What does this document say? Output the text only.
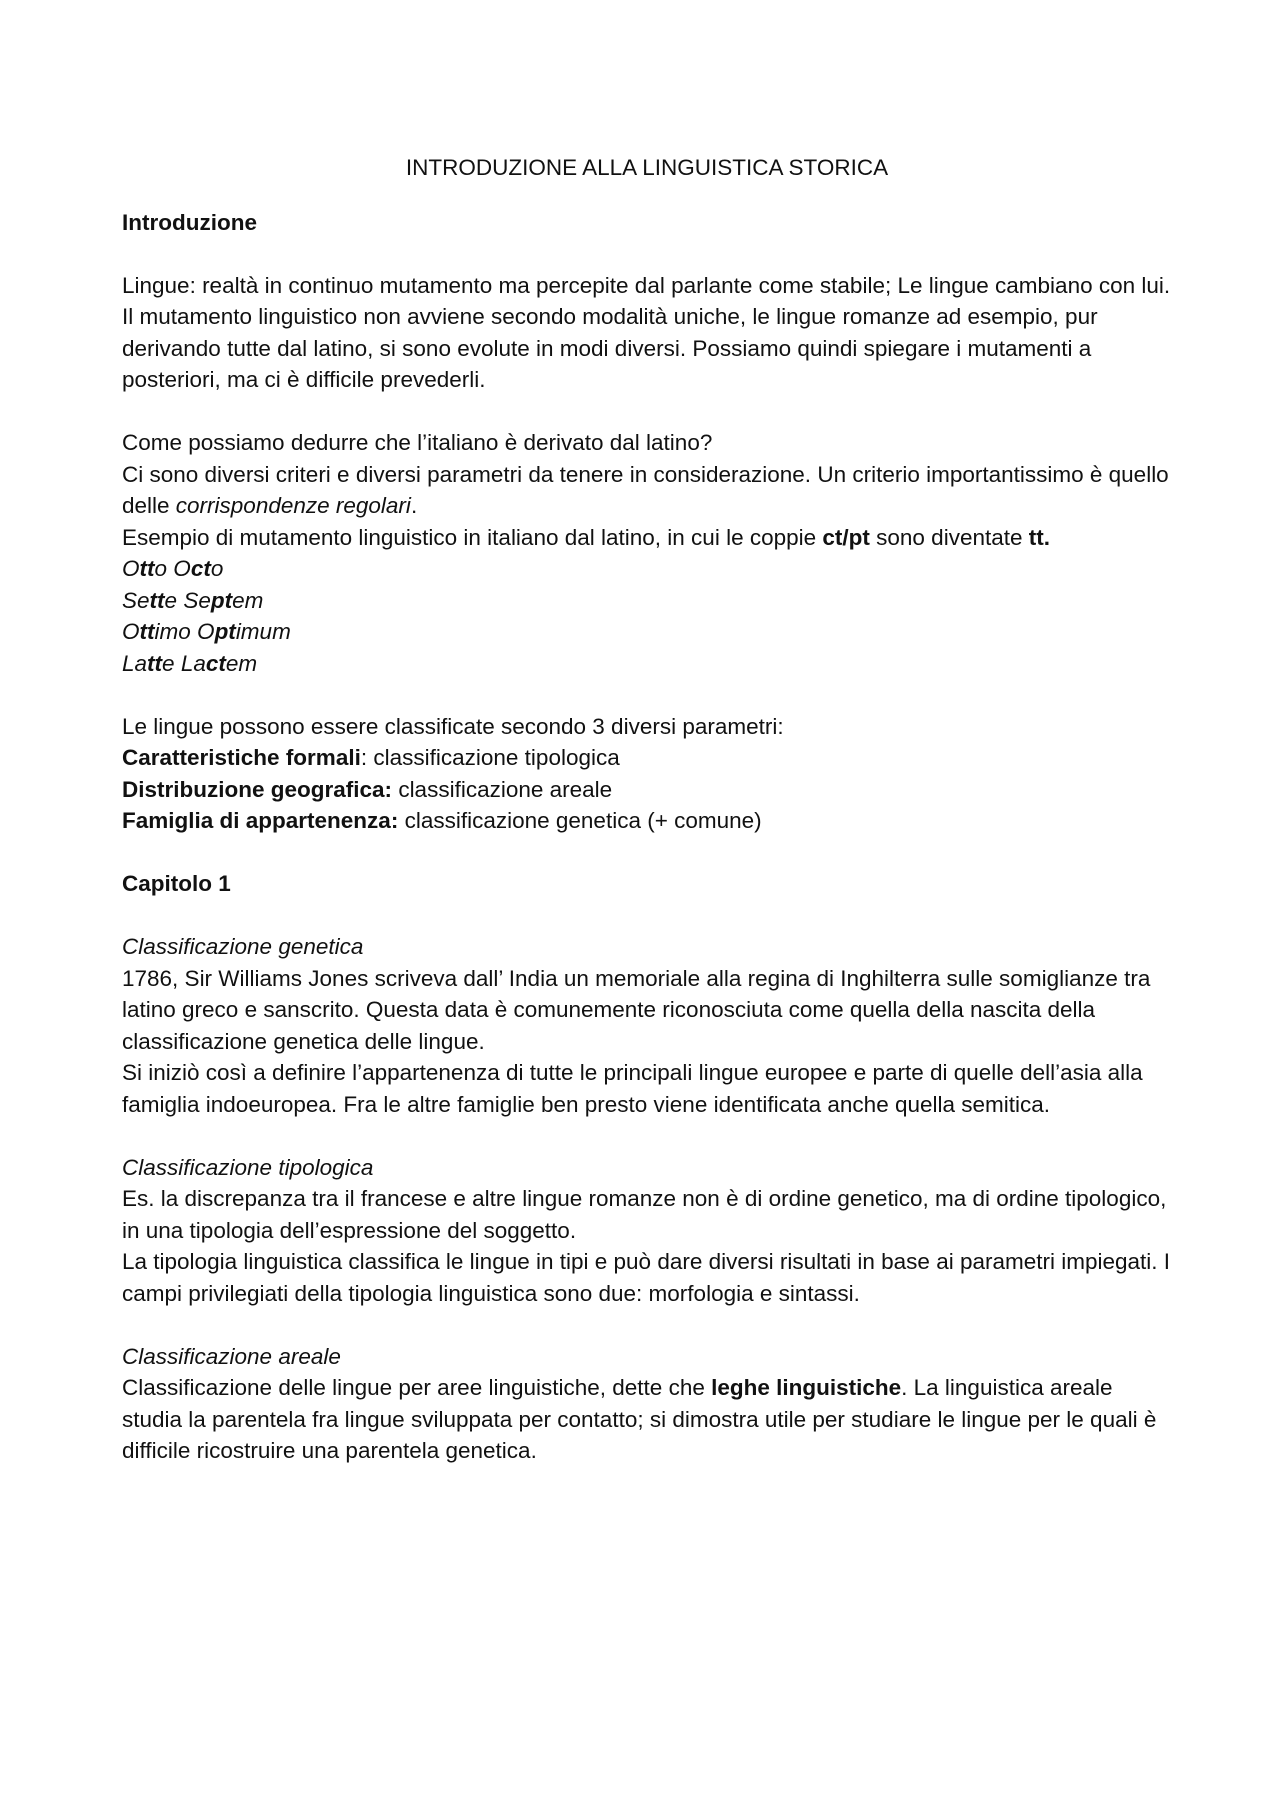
INTRODUZIONE ALLA LINGUISTICA STORICA

Introduzione

Lingue: realtà in continuo mutamento ma percepite dal parlante come stabile; Le lingue cambiano con lui.

Il mutamento linguistico non avviene secondo modalità uniche, le lingue romanze ad esempio, pur derivando tutte dal latino, si sono evolute in modi diversi. Possiamo quindi spiegare i mutamenti a posteriori, ma ci è difficile prevederli.

Come possiamo dedurre che l’italiano è derivato dal latino?

Ci sono diversi criteri e diversi parametri da tenere in considerazione. Un criterio importantissimo è quello delle corrispondenze regolari.

Esempio di mutamento linguistico in italiano dal latino, in cui le coppie ct/pt sono diventate tt.

Otto Octo

Sette Septem

Ottimo Optimum

Latte Lactem

Le lingue possono essere classificate secondo 3 diversi parametri:

Caratteristiche formali: classificazione tipologica

Distribuzione geografica: classificazione areale

Famiglia di appartenenza: classificazione genetica (+ comune)

Capitolo 1

Classificazione genetica

1786, Sir Williams Jones scriveva dall’ India un memoriale alla regina di Inghilterra sulle somiglianze tra latino greco e sanscrito. Questa data è comunemente riconosciuta come quella della nascita della classificazione genetica delle lingue.

Si iniziò così a definire l’appartenenza di tutte le principali lingue europee e parte di quelle dell’asia alla famiglia indoeuropea. Fra le altre famiglie ben presto viene identificata anche quella semitica.

Classificazione tipologica

Es. la discrepanza tra il francese e altre lingue romanze non è di ordine genetico, ma di ordine tipologico, in una tipologia dell’espressione del soggetto.

La tipologia linguistica classifica le lingue in tipi e può dare diversi risultati in base ai parametri impiegati. I campi privilegiati della tipologia linguistica sono due: morfologia e sintassi.

Classificazione areale

Classificazione delle lingue per aree linguistiche, dette che leghe linguistiche. La linguistica areale studia la parentela fra lingue sviluppata per contatto; si dimostra utile per studiare le lingue per le quali è difficile ricostruire una parentela genetica.
